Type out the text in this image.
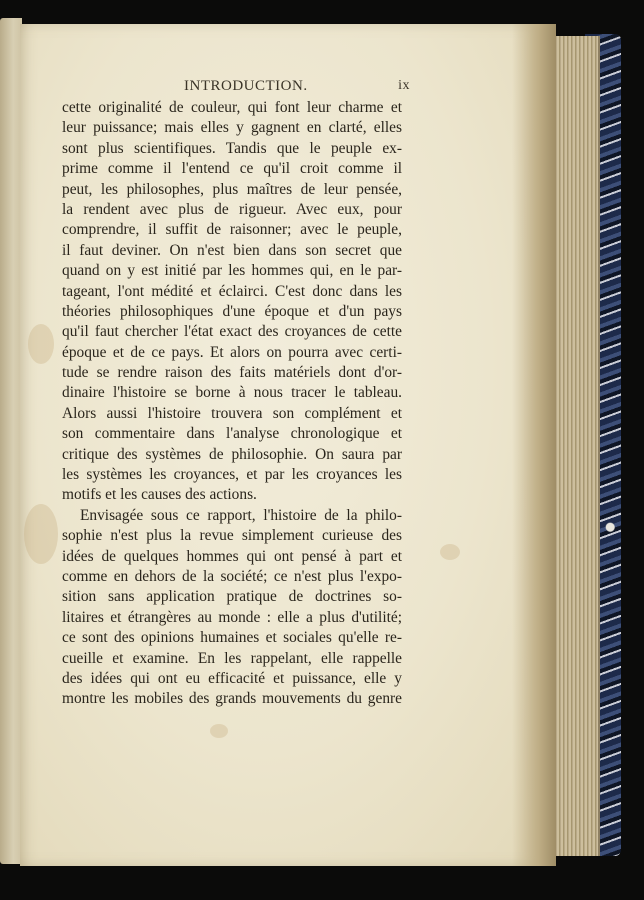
INTRODUCTION.	ix
cette originalité de couleur, qui font leur charme et
leur puissance; mais elles y gagnent en clarté, elles
sont plus scientifiques. Tandis que le peuple ex-
prime comme il l'entend ce qu'il croit comme il
peut, les philosophes, plus maîtres de leur pensée,
la rendent avec plus de rigueur. Avec eux, pour
comprendre, il suffit de raisonner; avec le peuple,
il faut deviner. On n'est bien dans son secret que
quand on y est initié par les hommes qui, en le par-
tageant, l'ont médité et éclairci. C'est donc dans les
théories philosophiques d'une époque et d'un pays
qu'il faut chercher l'état exact des croyances de cette
époque et de ce pays. Et alors on pourra avec certi-
tude se rendre raison des faits matériels dont d'or-
dinaire l'histoire se borne à nous tracer le tableau.
Alors aussi l'histoire trouvera son complément et
son commentaire dans l'analyse chronologique et
critique des systèmes de philosophie. On saura par
les systèmes les croyances, et par les croyances les
motifs et les causes des actions.
Envisagée sous ce rapport, l'histoire de la philo-
sophie n'est plus la revue simplement curieuse des
idées de quelques hommes qui ont pensé à part et
comme en dehors de la société; ce n'est plus l'expo-
sition sans application pratique de doctrines so-
litaires et étrangères au monde : elle a plus d'utilité;
ce sont des opinions humaines et sociales qu'elle re-
cueille et examine. En les rappelant, elle rappelle
des idées qui ont eu efficacité et puissance, elle y
montre les mobiles des grands mouvements du genre
